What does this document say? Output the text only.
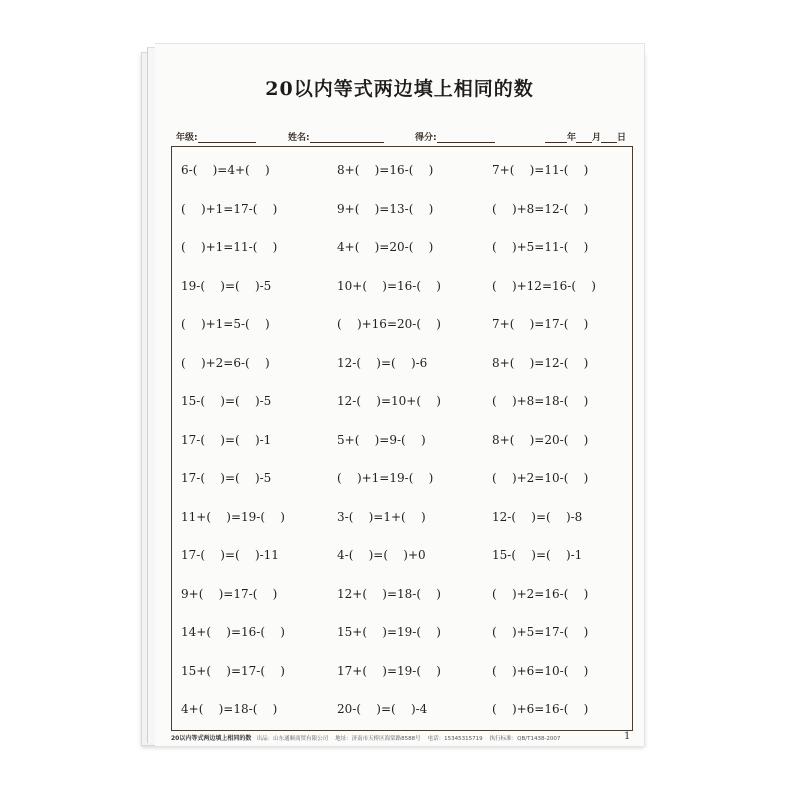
20以内等式两边填上相同的数
年级:	姓名:	得分:	年 月 日
6-(    )=4+(    )	8+(    )=16-(    )	7+(    )=11-(    )
(    )+1=17-(    )	9+(    )=13-(    )	(    )+8=12-(    )
(    )+1=11-(    )	4+(    )=20-(    )	(    )+5=11-(    )
19-(    )=(    )-5	10+(    )=16-(    )	(    )+12=16-(    )
(    )+1=5-(    )	(    )+16=20-(    )	7+(    )=17-(    )
(    )+2=6-(    )	12-(    )=(    )-6	8+(    )=12-(    )
15-(    )=(    )-5	12-(    )=10+(    )	(    )+8=18-(    )
17-(    )=(    )-1	5+(    )=9-(    )	8+(    )=20-(    )
17-(    )=(    )-5	(    )+1=19-(    )	(    )+2=10-(    )
11+(    )=19-(    )	3-(    )=1+(    )	12-(    )=(    )-8
17-(    )=(    )-11	4-(    )=(    )+0	15-(    )=(    )-1
9+(    )=17-(    )	12+(    )=18-(    )	(    )+2=16-(    )
14+(    )=16-(    )	15+(    )=19-(    )	(    )+5=17-(    )
15+(    )=17-(    )	17+(    )=19-(    )	(    )+6=10-(    )
4+(    )=18-(    )	20-(    )=(    )-4	(    )+6=16-(    )
20以内等式两边填上相同的数 出品：山东通顺商贸有限公司 地址：济南市天桥区海棠路8588号 电话：15345315719 执行标准：QB/T1438-2007	1
